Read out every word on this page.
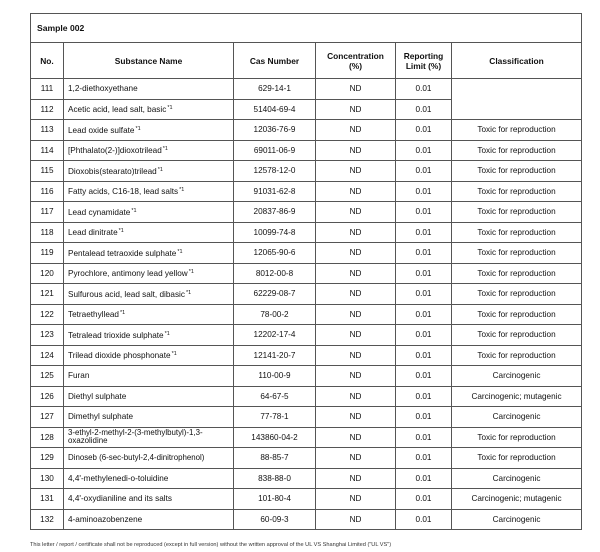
Sample 002					
No.	Substance Name	Cas Number	Concentration (%)	Reporting Limit (%)	Classification
111	1,2-diethoxyethane	629-14-1	ND	0.01	
112	Acetic acid, lead salt, basic$^{*1}$	51404-69-4	ND	0.01	
113	Lead oxide sulfate$^{*1}$	12036-76-9	ND	0.01	Toxic for reproduction
114	[Phthalato(2-)]dioxotrilead$^{*1}$	69011-06-9	ND	0.01	Toxic for reproduction
115	Dioxobis(stearato)trilead$^{*1}$	12578-12-0	ND	0.01	Toxic for reproduction
116	Fatty acids, C16-18, lead salts$^{*1}$	91031-62-8	ND	0.01	Toxic for reproduction
117	Lead cynamidate$^{*1}$	20837-86-9	ND	0.01	Toxic for reproduction
118	Lead dinitrate$^{*1}$	10099-74-8	ND	0.01	Toxic for reproduction
119	Pentalead tetraoxide sulphate$^{*1}$	12065-90-6	ND	0.01	Toxic for reproduction
120	Pyrochlore, antimony lead yellow$^{*1}$	8012-00-8	ND	0.01	Toxic for reproduction
121	Sulfurous acid, lead salt, dibasic$^{*1}$	62229-08-7	ND	0.01	Toxic for reproduction
122	Tetraethyllead$^{*1}$	78-00-2	ND	0.01	Toxic for reproduction
123	Tetralead trioxide sulphate$^{*1}$	12202-17-4	ND	0.01	Toxic for reproduction
124	Trilead dioxide phosphonate$^{*1}$	12141-20-7	ND	0.01	Toxic for reproduction
125	Furan	110-00-9	ND	0.01	Carcinogenic
126	Diethyl sulphate	64-67-5	ND	0.01	Carcinogenic; mutagenic
127	Dimethyl sulphate	77-78-1	ND	0.01	Carcinogenic
128	3-ethyl-2-methyl-2-(3-methylbutyl)-1,3-oxazolidine	143860-04-2	ND	0.01	Toxic for reproduction
129	Dinoseb (6-sec-butyl-2,4-dinitrophenol)	88-85-7	ND	0.01	Toxic for reproduction
130	4,4'-methylenedi-o-toluidine	838-88-0	ND	0.01	Carcinogenic
131	4,4'-oxydianiline and its salts	101-80-4	ND	0.01	Carcinogenic; mutagenic
132	4-aminoazobenzene	60-09-3	ND	0.01	Carcinogenic
This letter / report / certificate shall not be reproduced (except in full version) without the written approval of the UL VS Shanghai Limited ("UL VS")
